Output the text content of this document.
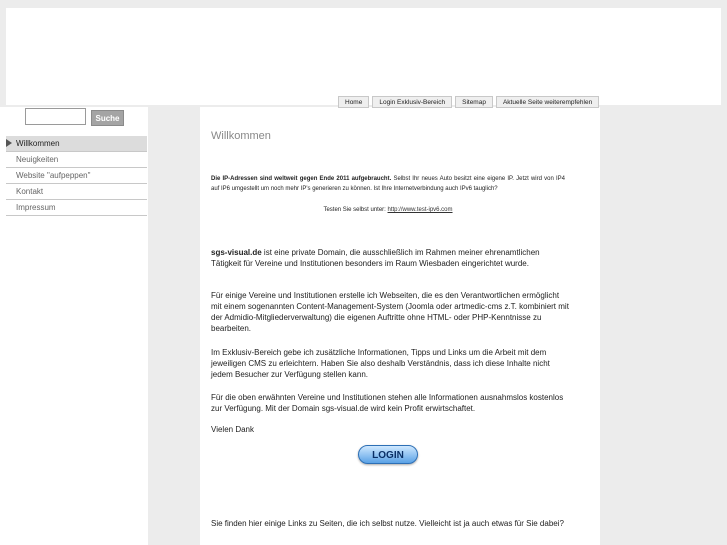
Suche
Willkommen
Neuigkeiten
Website "aufpeppen"
Kontakt
Impressum
Home	Login Exklusiv-Bereich	Sitemap	Aktuelle Seite weiterempfehlen
Willkommen
Die IP-Adressen sind weltweit gegen Ende 2011 aufgebraucht. Selbst Ihr neues Auto besitzt eine eigene IP. Jetzt wird von IP4 auf IP6 umgestellt um noch mehr IP's generieren zu können. Ist Ihre Internetverbindung auch IPv6 tauglich?
Testen Sie selbst unter: http://www.test-ipv6.com

sgs-visual.de ist eine private Domain, die ausschließlich im Rahmen meiner ehrenamtlichen Tätigkeit für Vereine und Institutionen besonders im Raum Wiesbaden eingerichtet wurde.

Für einige Vereine und Institutionen erstelle ich Webseiten, die es den Verantwortlichen ermöglicht mit einem sogenannten Content-Management-System (Joomla oder artmedic-cms z.T. kombiniert mit der Admidio-Mitgliederverwaltung) die eigenen Auftritte ohne HTML- oder PHP-Kenntnisse zu bearbeiten.

Im Exklusiv-Bereich gebe ich zusätzliche Informationen, Tipps und Links um die Arbeit mit dem jeweiligen CMS zu erleichtern. Haben Sie also deshalb Verständnis, dass ich diese Inhalte nicht jedem Besucher zur Verfügung stellen kann.

Für die oben erwähnten Vereine und Institutionen stehen alle Informationen ausnahmslos kostenlos zur Verfügung. Mit der Domain sgs-visual.de wird kein Profit erwirtschaftet.

Vielen Dank

LOGIN

Sie finden hier einige Links zu Seiten, die ich selbst nutze. Vielleicht ist ja auch etwas für Sie dabei?
